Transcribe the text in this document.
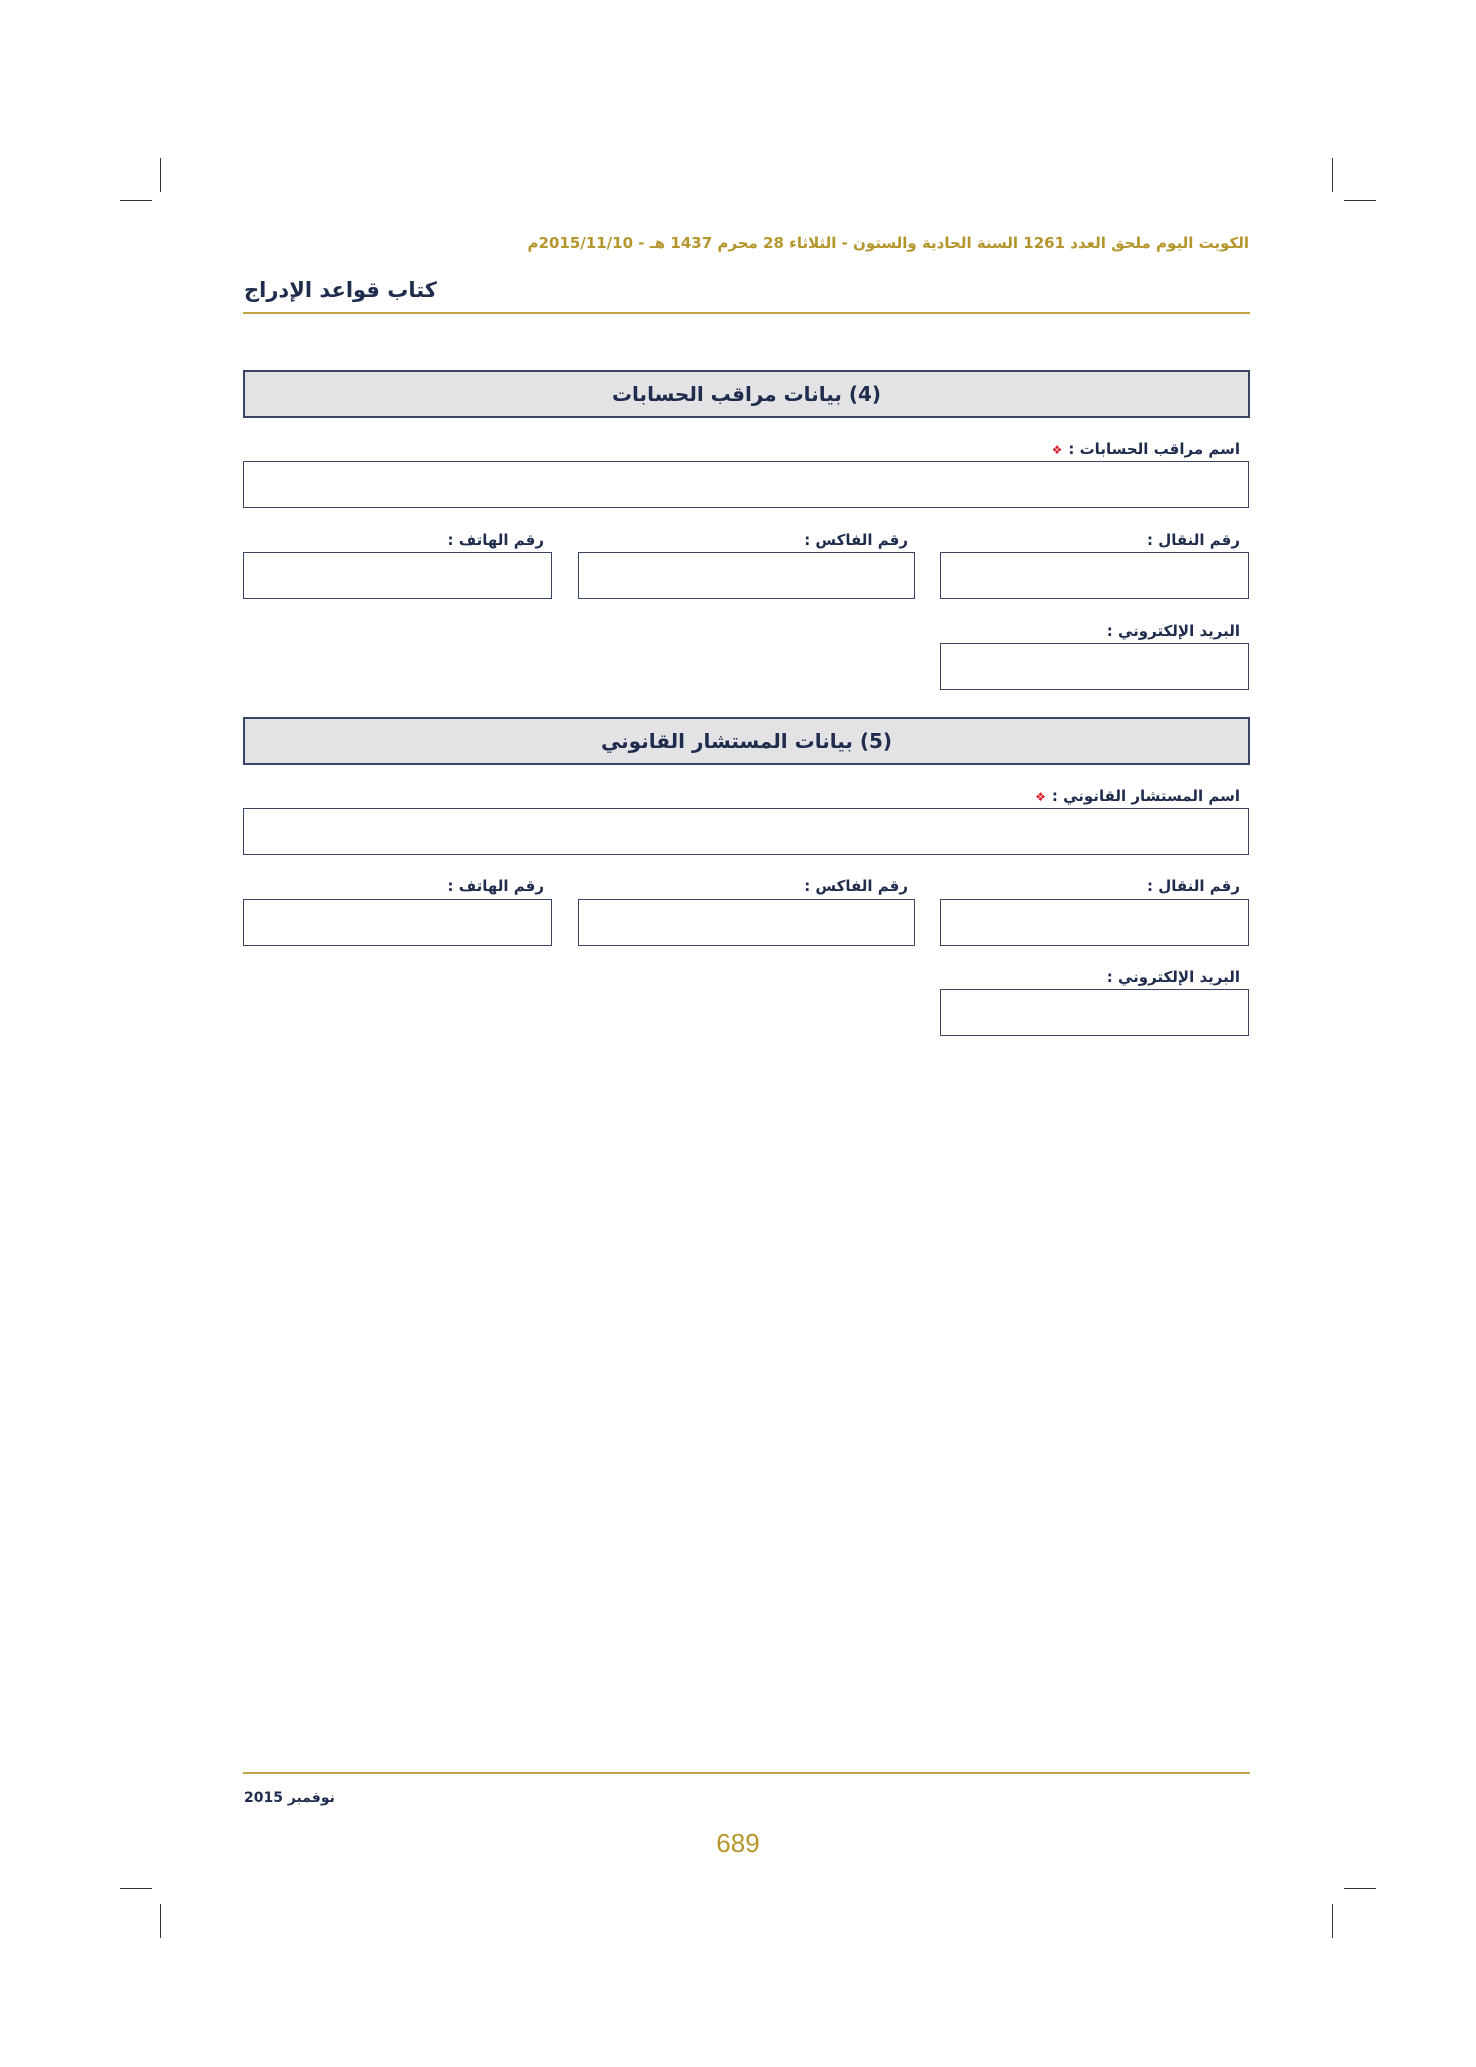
الكويت اليوم ملحق العدد 1261 السنة الحادية والستون - الثلاثاء 28 محرم 1437 هـ - 2015/11/10م
كتاب قواعد الإدراج
(4) بيانات مراقب الحسابات
اسم مراقب الحسابات :❖
رقم النقال :
رقم الفاكس :
رقم الهاتف :
البريد الإلكتروني :
(5) بيانات المستشار القانوني
اسم المستشار القانوني :❖
رقم النقال :
رقم الفاكس :
رقم الهاتف :
البريد الإلكتروني :
نوفمبر 2015
689
